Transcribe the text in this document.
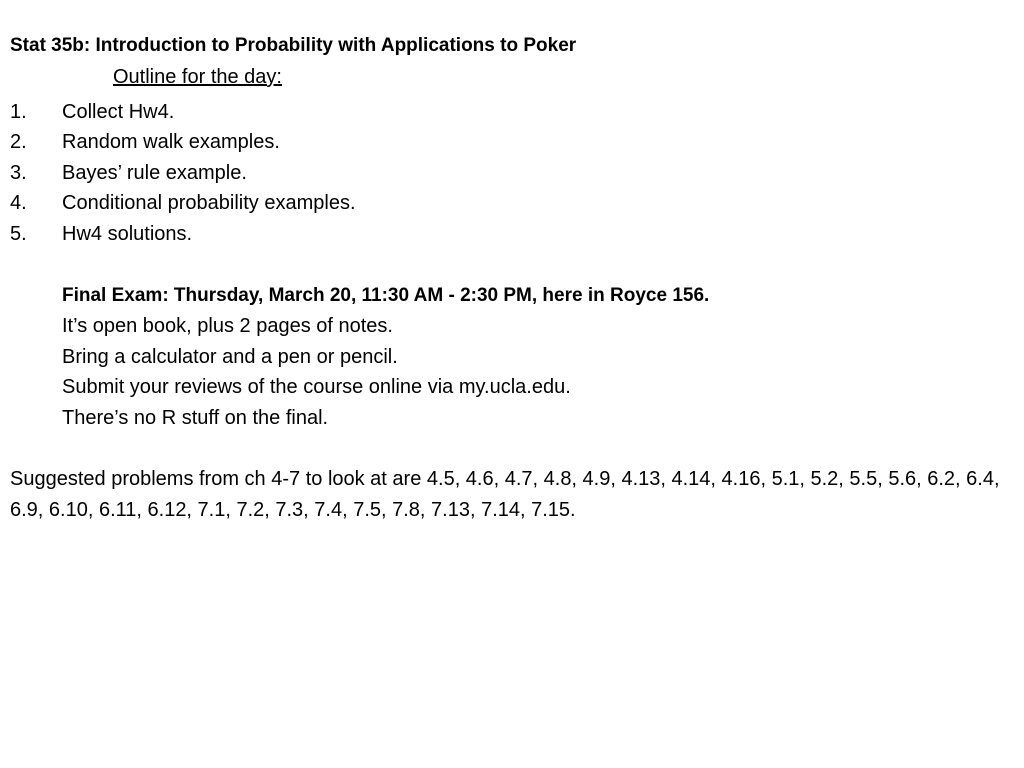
Stat 35b: Introduction to Probability with Applications to Poker
Outline for the day:
1.	Collect Hw4.
2.	Random walk examples.
3.	Bayes’ rule example.
4.	Conditional probability examples.
5.	Hw4 solutions.
Final Exam: Thursday, March 20, 11:30 AM - 2:30 PM, here in Royce 156.
It’s open book, plus 2 pages of notes.
Bring a calculator and a pen or pencil.
Submit your reviews of the course online via my.ucla.edu.
There’s no R stuff on the final.
Suggested problems from ch 4-7 to look at are 4.5, 4.6, 4.7, 4.8, 4.9, 4.13, 4.14, 4.16, 5.1, 5.2, 5.5, 5.6, 6.2, 6.4, 6.9, 6.10, 6.11, 6.12, 7.1, 7.2, 7.3, 7.4, 7.5, 7.8, 7.13, 7.14, 7.15.
